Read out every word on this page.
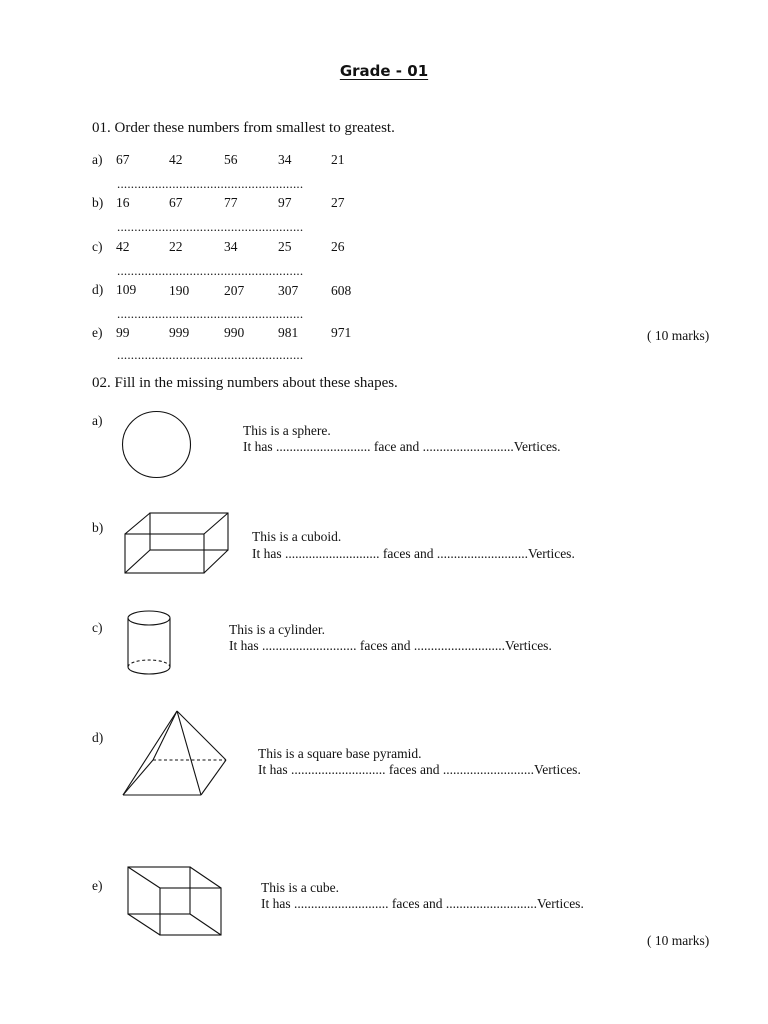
Grade - 01
01. Order these numbers from smallest to greatest.
a) 67	42	56	34	21
......................................................
b) 16	67	77	97	27
......................................................
c) 42	22	34	25	26
......................................................
d) 109 190	207	307 608
......................................................
e) 99	999	990	981 971
......................................................
( 10 marks)
02. Fill in the missing numbers about these shapes.
a)
This is a sphere.
It has ............................ face and ...........................Vertices.
b)
This is a cuboid.
It has ............................ faces and ...........................Vertices.
c)	This is a cylinder.
It has ............................ faces and ...........................Vertices.
d)
This is a square base pyramid.
It has ............................ faces and ...........................Vertices.
e)	This is a cube.
It has ............................ faces and ...........................Vertices.
( 10 marks)
